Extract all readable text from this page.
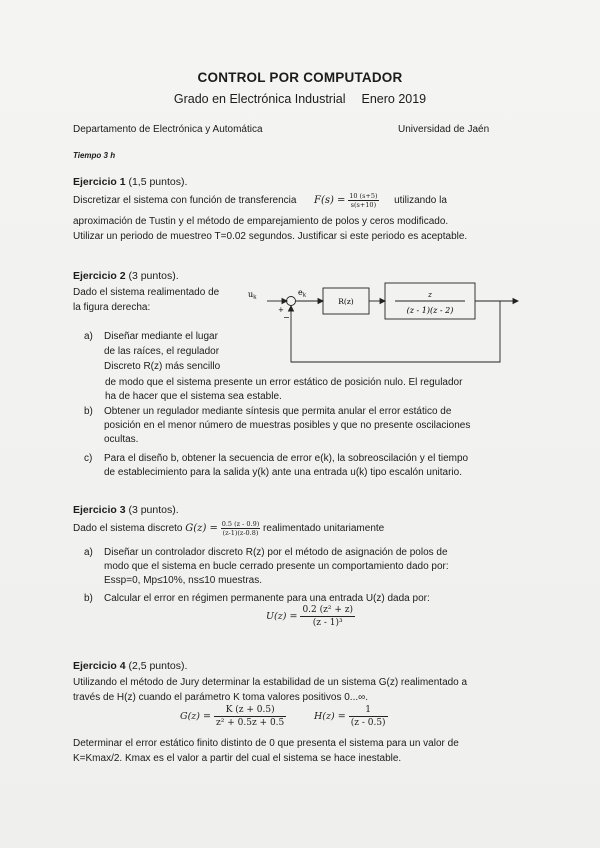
CONTROL POR COMPUTADOR
Grado en Electrónica Industrial Enero 2019
Departamento de Electrónica y Automática	Universidad de Jaén
Tiempo 3 h
Ejercicio 1 (1,5 puntos).
Discretizar el sistema con función de transferencia $F(s) = \frac{10 (s+5)}{s(s+10)}$ utilizando la
aproximación de Tustin y el método de emparejamiento de polos y ceros modificado.
Utilizar un periodo de muestreo T=0.02 segundos. Justificar si este periodo es aceptable.
Ejercicio 2 (3 puntos).
Dado el sistema realimentado de
la figura derecha:
uk
+
−
ek
R(z)
z
(z - 1)(z - 2)
a) Diseñar mediante el lugar
de las raíces, el regulador
Discreto R(z) más sencillo
de modo que el sistema presente un error estático de posición nulo. El regulador
ha de hacer que el sistema sea estable.
b) Obtener un regulador mediante síntesis que permita anular el error estático de
posición en el menor número de muestras posibles y que no presente oscilaciones
ocultas.
c) Para el diseño b, obtener la secuencia de error e(k), la sobreoscilación y el tiempo
de establecimiento para la salida y(k) ante una entrada u(k) tipo escalón unitario.
Ejercicio 3 (3 puntos).
Dado el sistema discreto $G(z) = \frac{0.5 (z - 0.9)}{(z-1)(z-0.8)}$ realimentado unitariamente
a) Diseñar un controlador discreto R(z) por el método de asignación de polos de
modo que el sistema en bucle cerrado presente un comportamiento dado por:
Essp=0, Mp≤10%, ns≤10 muestras.
b) Calcular el error en régimen permanente para una entrada U(z) dada por:
$U(z) = \frac{\text{0.2 (z² + z)}}{\text{(z - 1)³}}$
Ejercicio 4 (2,5 puntos).
Utilizando el método de Jury determinar la estabilidad de un sistema G(z) realimentado a
través de H(z) cuando el parámetro K toma valores positivos 0...∞.
$G(z) = \frac{K (z + 0.5)}{\text{z² + 0.5z + 0.5}}$	$H(z) = \frac{1}{(z - 0.5)}$
Determinar el error estático finito distinto de 0 que presenta el sistema para un valor de
K=Kmax/2. Kmax es el valor a partir del cual el sistema se hace inestable.
